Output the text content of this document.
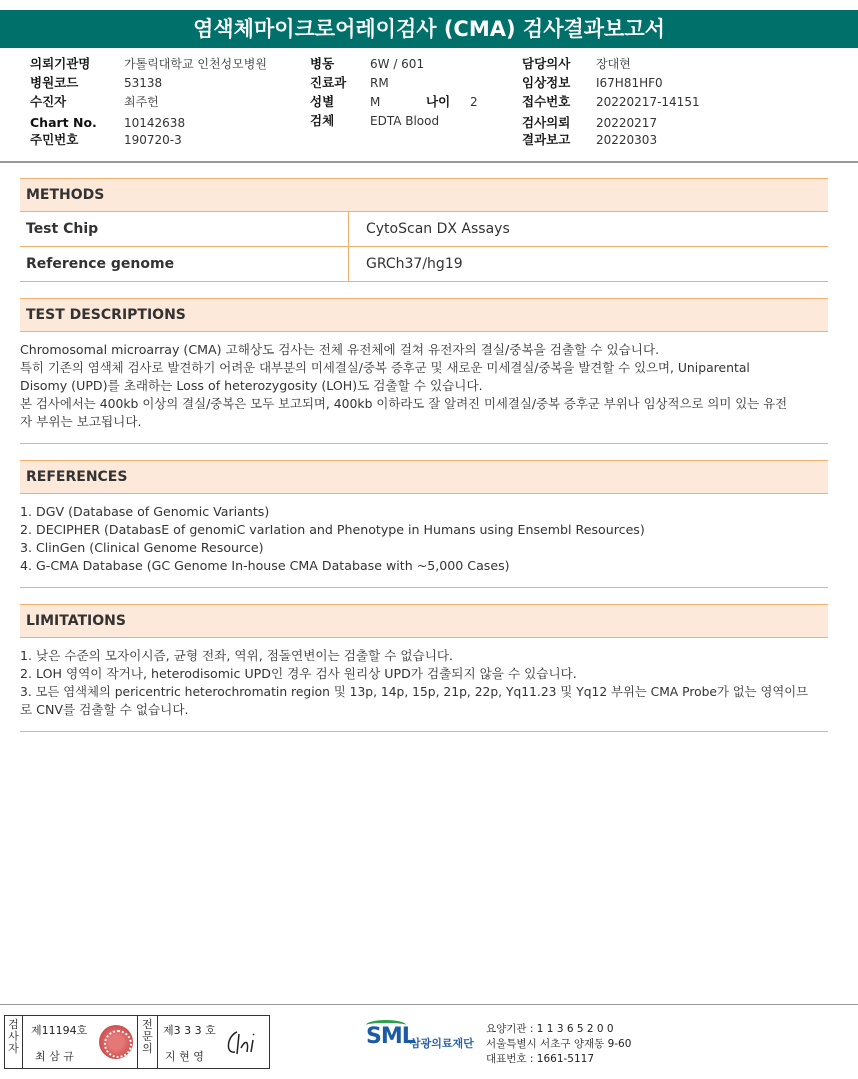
염색체마이크로어레이검사 (CMA) 검사결과보고서
의뢰기관명	가톨릭대학교 인천성모병원
병원코드	53138
수진자	최주헌
Chart No. 10142638
주민번호	190720-3
병동	6W / 601
진료과 RM
성별	M	나이 2
검체	EDTA Blood
담당의사 장대현
임상정보 I67H81HF0
접수번호 20220217-14151
검사의뢰 20220217
결과보고 20220303
METHODS
Test Chip	CytoScan DX Assays
Reference genome	GRCh37/hg19
TEST DESCRIPTIONS
Chromosomal microarray (CMA) 고해상도 검사는 전체 유전체에 걸쳐 유전자의 결실/중복을 검출할 수 있습니다.
특히 기존의 염색체 검사로 발견하기 어려운 대부분의 미세결실/중복 증후군 및 새로운 미세결실/중복을 발견할 수 있으며, Uniparental
Disomy (UPD)를 초래하는 Loss of heterozygosity (LOH)도 검출할 수 있습니다.
본 검사에서는 400kb 이상의 결실/중복은 모두 보고되며, 400kb 이하라도 잘 알려진 미세결실/중복 증후군 부위나 임상적으로 의미 있는 유전
자 부위는 보고됩니다.
REFERENCES
1. DGV (Database of Genomic Variants)
2. DECIPHER (DatabasE of genomiC varIation and Phenotype in Humans using Ensembl Resources)
3. ClinGen (Clinical Genome Resource)
4. G-CMA Database (GC Genome In-house CMA Database with ~5,000 Cases)
LIMITATIONS
1. 낮은 수준의 모자이시즘, 균형 전좌, 역위, 점돌연변이는 검출할 수 없습니다.
2. LOH 영역이 작거나, heterodisomic UPD인 경우 검사 원리상 UPD가 검출되지 않을 수 있습니다.
3. 모든 염색체의 pericentric heterochromatin region 및 13p, 14p, 15p, 21p, 22p, Yq11.23 및 Yq12 부위는 CMA Probe가 없는 영역이므
로 CNV를 검출할 수 없습니다.
검사자
제11194호
최 삼 규
전문의
제3 3 3 호
지 현 영
SML
삼광의료재단
요양기관 : 1 1 3 6 5 2 0 0
서울특별시 서초구 양재동 9-60
대표번호 : 1661-5117
